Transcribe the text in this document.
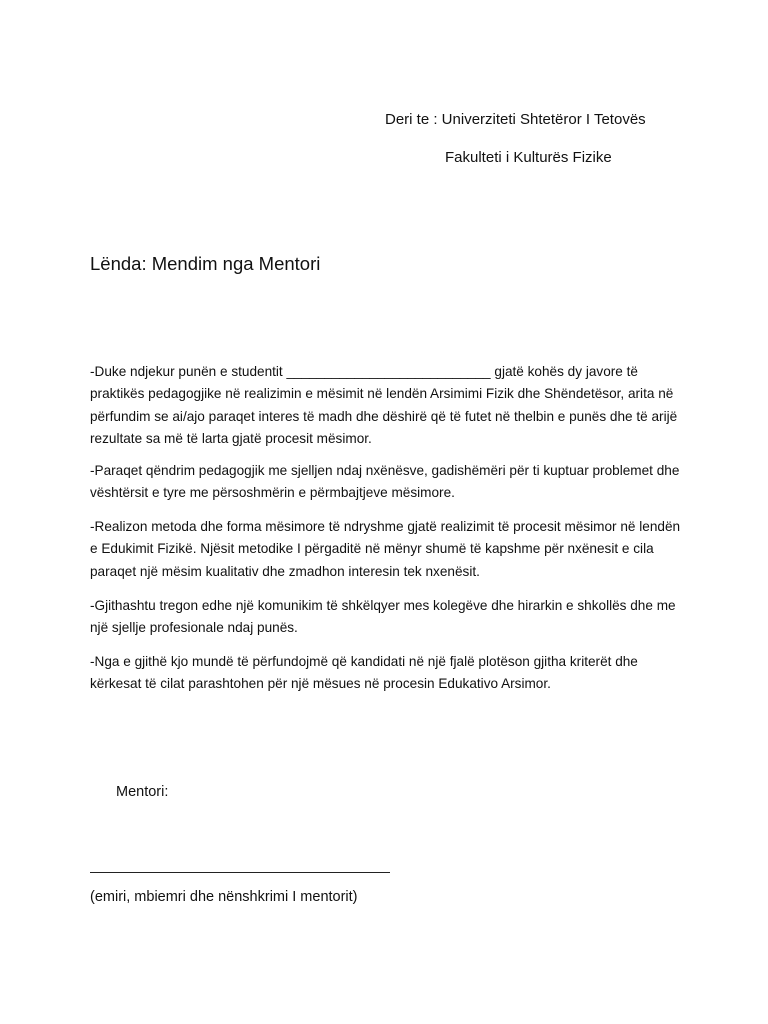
Deri te : Univerziteti Shtetëror I Tetovës
Fakulteti i Kulturës Fizike
Lënda: Mendim nga Mentori

-Duke ndjekur punën e studentit ___________________________ gjatë kohës dy javore të praktikës pedagogjike në realizimin e mësimit në lendën Arsimimi Fizik dhe Shëndetësor, arita në përfundim se ai/ajo paraqet interes të madh dhe dëshirë që të futet në thelbin e punës dhe të arijë rezultate sa më të larta gjatë procesit mësimor.

-Paraqet qëndrim pedagogjik me sjelljen ndaj nxënësve, gadishëmëri për ti kuptuar problemet dhe vështërsit e tyre me përsoshmërin e përmbajtjeve mësimore.

-Realizon metoda dhe forma mësimore të ndryshme gjatë realizimit të procesit mësimor në lendën e Edukimit Fizikë. Njësit metodike I përgaditë në mënyr shumë të kapshme për nxënesit e cila paraqet një mësim kualitativ dhe zmadhon interesin tek nxenësit.

-Gjithashtu tregon edhe një komunikim të shkëlqyer mes kolegëve dhe hirarkin e shkollës dhe me një sjellje profesionale ndaj punës.

-Nga e gjithë kjo mundë të përfundojmë që kandidati në një fjalë plotëson gjitha kriterët dhe kërkesat të cilat parashtohen për një mësues në procesin Edukativo Arsimor.

Mentori:
(emiri, mbiemri dhe nënshkrimi I mentorit)
